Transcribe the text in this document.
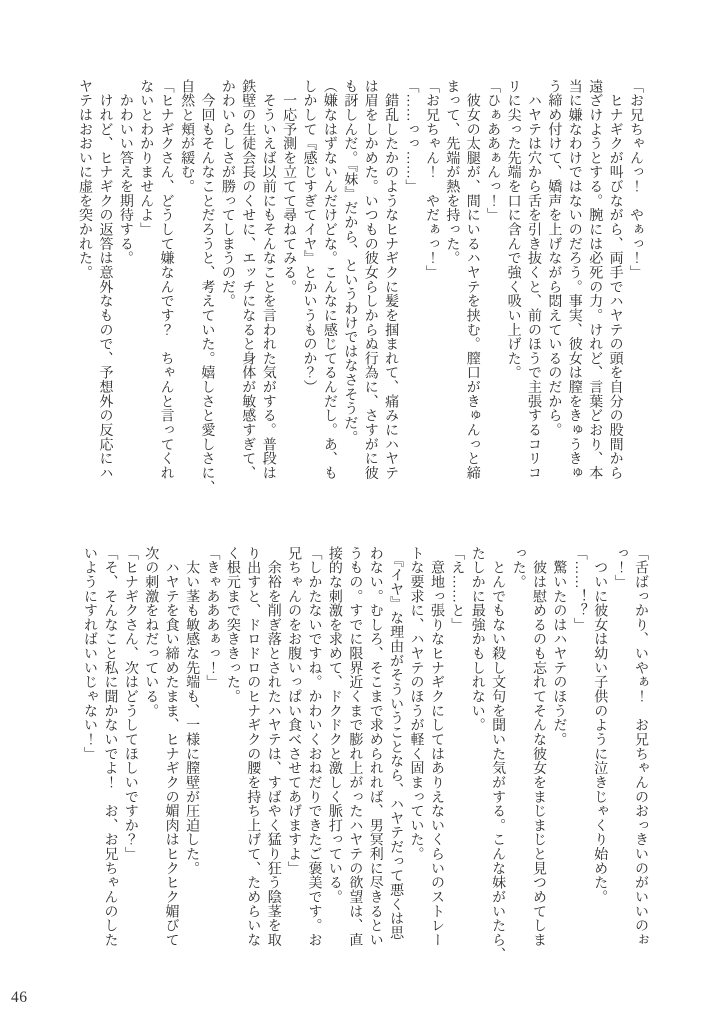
「お兄ちゃんっ！　やぁっ！」
　ヒナギクが叫びながら、両手でハヤテの頭を自分の股間から
遠ざけようとする。腕には必死の力。けれど、言葉どおり、本
当に嫌なわけではないのだろう。事実、彼女は膣をきゅうきゅ
う締め付けて、嬌声を上げながら悶えているのだから。
　ハヤテは穴から舌を引き抜くと、前のほうで主張するコリコ
リに尖った先端を口に含んで強く吸い上げた。
「ひぁああぁんっ！」
　彼女の太腿が、間にいるハヤテを挟む。膣口がきゅんっと締
まって、先端が熱を持った。
「お兄ちゃん！　やだぁっ！」
「……っっ……」
　錯乱したかのようなヒナギクに髪を掴まれて、痛みにハヤテ
は眉をしかめた。いつもの彼女らしからぬ行為に、さすがに彼
も訝しんだ。『妹』だから、というわけではなさそうだ。
（嫌なはずないんだけどな。こんなに感じてるんだし。あ、も
しかして『感じすぎてイヤ』とかいうものか？）
　一応予測を立てて尋ねてみる。
　そういえば以前にもそんなことを言われた気がする。普段は
鉄壁の生徒会長のくせに、エッチになると身体が敏感すぎて、
かわいらしさが勝ってしまうのだ。
　今回もそんなことだろうと、考えていた。嬉しさと愛しさに、
自然と頬が緩む。
「ヒナギクさん、どうして嫌なんです？　ちゃんと言ってくれ
ないとわかりませんよ」
　かわいい答えを期待する。
　けれど、ヒナギクの返答は意外なもので、予想外の反応にハ
ヤテはおおいに虚を突かれた。
「舌ばっかり、いやぁ！　お兄ちゃんのおっきいのがいいのぉ
っ！」
　ついに彼女は幼い子供のように泣きじゃくり始めた。
「……！？」
　驚いたのはハヤテのほうだ。
　彼は慰めるのも忘れてそんな彼女をまじまじと見つめてしま
った。
　とんでもない殺し文句を聞いた気がする。こんな妹がいたら、
たしかに最強かもしれない。
「え……と」
　意地っ張りなヒナギクにしてはありえないくらいのストレー
トな要求に、ハヤテのほうが軽く固まっていた。
　『イヤ』な理由がそういうことなら、ハヤテだって悪くは思
わない。むしろ、そこまで求められれば、男冥利に尽きるとい
うもの。すでに限界近くまで膨れ上がったハヤテの欲望は、直
接的な刺激を求めて、ドクドクと激しく脈打っている。
「しかたないですね。かわいくおねだりできたご褒美です。お
兄ちゃんのをお腹いっぱい食べさせてあげますよ」
　余裕を削ぎ落とされたハヤテは、すばやく猛り狂う陰茎を取
り出すと、ドロドロのヒナギクの腰を持ち上げて、ためらいな
く根元まで突ききった。
「きゃあああぁっ！」
　太い茎も敏感な先端も、一様に膣壁が圧迫した。
　ハヤテを食い締めたまま、ヒナギクの媚肉はヒクヒク媚びて
次の刺激をねだっている。
「ヒナギクさん、次はどうしてほしいですか？」
「そ、そんなこと私に聞かないでよ！　お、お兄ちゃんのした
いようにすればいいじゃない！」
46
